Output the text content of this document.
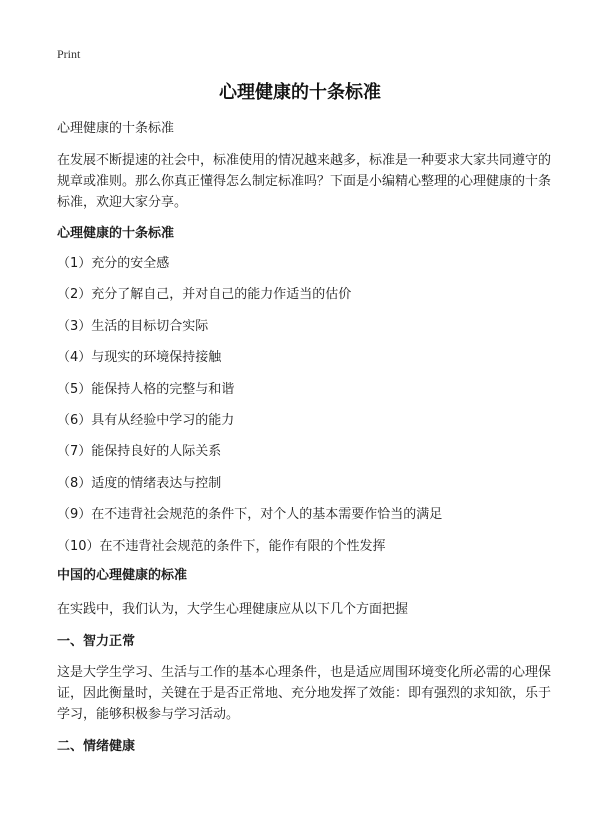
Print
心理健康的十条标准

心理健康的十条标准

在发展不断提速的社会中，标准使用的情况越来越多，标准是一种要求大家共同遵守的规章或准则。那么你真正懂得怎么制定标准吗？下面是小编精心整理的心理健康的十条标准，欢迎大家分享。

心理健康的十条标准

（1）充分的安全感
（2）充分了解自己，并对自己的能力作适当的估价
（3）生活的目标切合实际
（4）与现实的环境保持接触
（5）能保持人格的完整与和谐
（6）具有从经验中学习的能力
（7）能保持良好的人际关系
（8）适度的情绪表达与控制
（9）在不违背社会规范的条件下，对个人的基本需要作恰当的满足
（10）在不违背社会规范的条件下，能作有限的个性发挥

中国的心理健康的标准

在实践中，我们认为，大学生心理健康应从以下几个方面把握

一、智力正常

这是大学生学习、生活与工作的基本心理条件，也是适应周围环境变化所必需的心理保证，因此衡量时，关键在于是否正常地、充分地发挥了效能：即有强烈的求知欲，乐于学习，能够积极参与学习活动。

二、情绪健康
